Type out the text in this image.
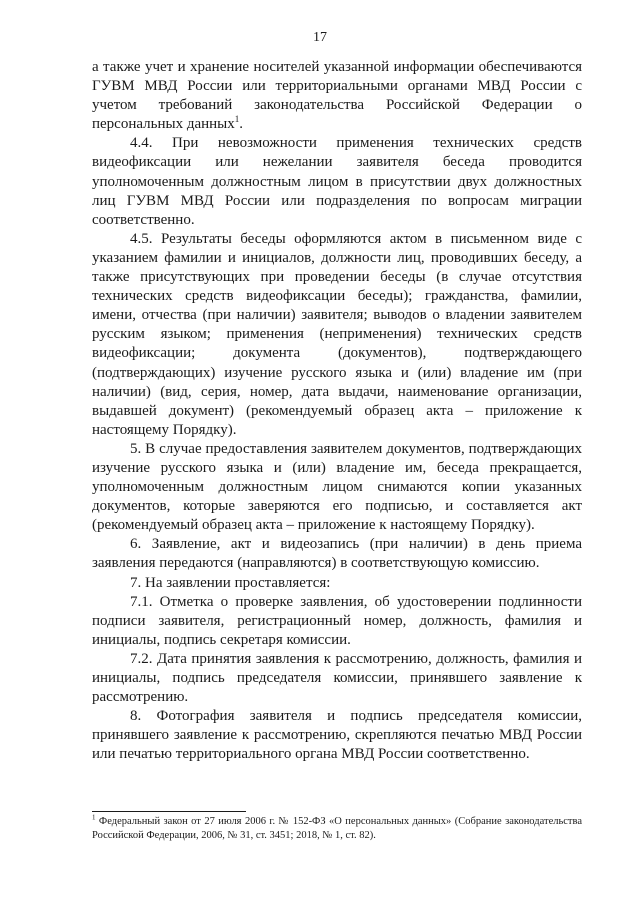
17

а также учет и хранение носителей указанной информации обеспечиваются ГУВМ МВД России или территориальными органами МВД России с учетом требований законодательства Российской Федерации о персональных данных$^1$.

4.4. При невозможности применения технических средств видеофиксации или нежелании заявителя беседа проводится уполномоченным должностным лицом в присутствии двух должностных лиц ГУВМ МВД России или подразделения по вопросам миграции соответственно.

4.5. Результаты беседы оформляются актом в письменном виде с указанием фамилии и инициалов, должности лиц, проводивших беседу, а также присутствующих при проведении беседы (в случае отсутствия технических средств видеофиксации беседы); гражданства, фамилии, имени, отчества (при наличии) заявителя; выводов о владении заявителем русским языком; применения (неприменения) технических средств видеофиксации; документа (документов), подтверждающего (подтверждающих) изучение русского языка и (или) владение им (при наличии) (вид, серия, номер, дата выдачи, наименование организации, выдавшей документ) (рекомендуемый образец акта – приложение к настоящему Порядку).

5. В случае предоставления заявителем документов, подтверждающих изучение русского языка и (или) владение им, беседа прекращается, уполномоченным должностным лицом снимаются копии указанных документов, которые заверяются его подписью, и составляется акт (рекомендуемый образец акта – приложение к настоящему Порядку).

6. Заявление, акт и видеозапись (при наличии) в день приема заявления передаются (направляются) в соответствующую комиссию.

7. На заявлении проставляется:

7.1. Отметка о проверке заявления, об удостоверении подлинности подписи заявителя, регистрационный номер, должность, фамилия и инициалы, подпись секретаря комиссии.

7.2. Дата принятия заявления к рассмотрению, должность, фамилия и инициалы, подпись председателя комиссии, принявшего заявление к рассмотрению.

8. Фотография заявителя и подпись председателя комиссии, принявшего заявление к рассмотрению, скрепляются печатью МВД России или печатью территориального органа МВД России соответственно.

$^1$ Федеральный закон от 27 июля 2006 г. № 152-ФЗ «О персональных данных» (Собрание законодательства Российской Федерации, 2006, № 31, ст. 3451; 2018, № 1, ст. 82).
